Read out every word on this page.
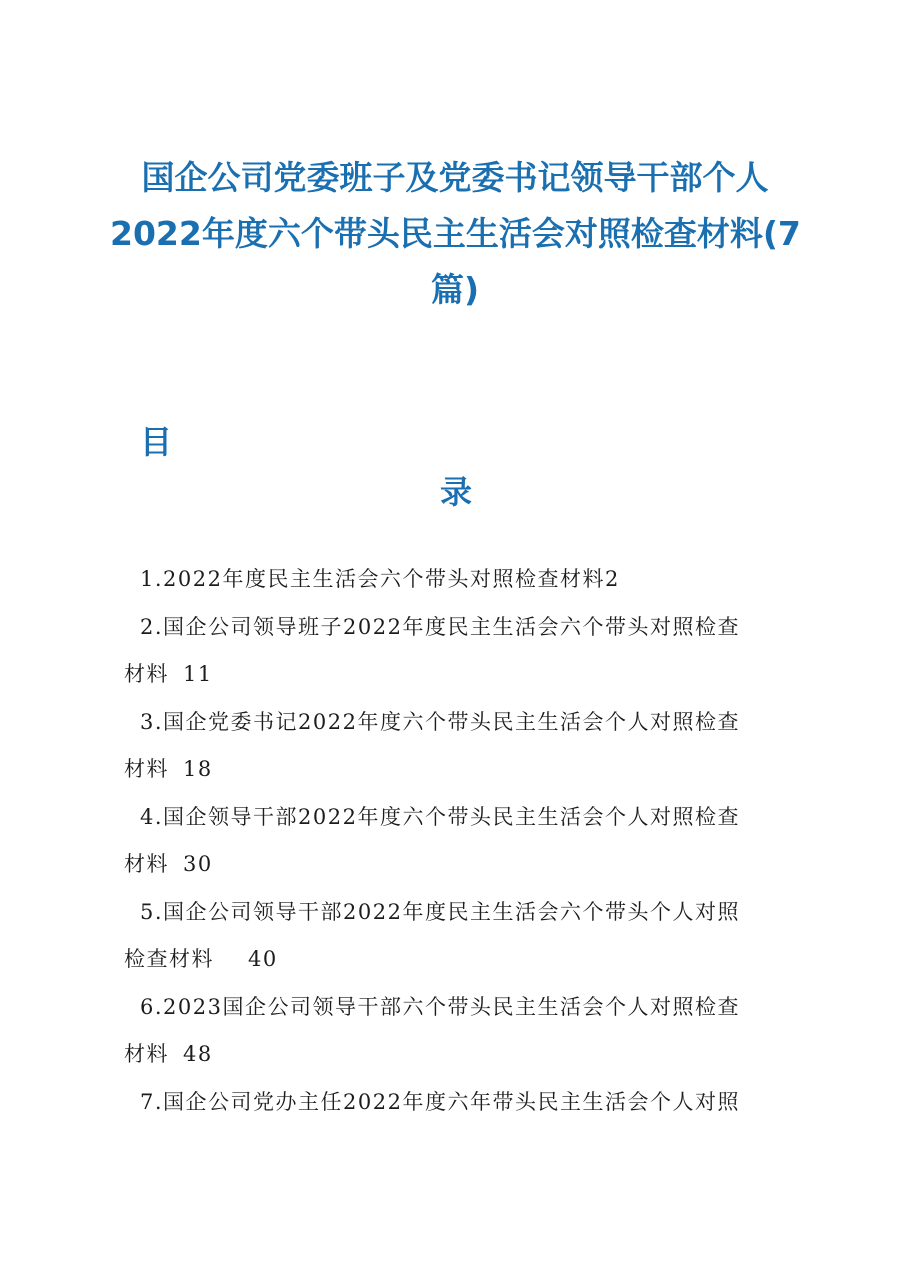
国企公司党委班子及党委书记领导干部个人
2022年度六个带头民主生活会对照检查材料(7
篇)
目
录
1.2022年度民主生活会六个带头对照检查材料2
2.国企公司领导班子2022年度民主生活会六个带头对照检查
材料 11
3.国企党委书记2022年度六个带头民主生活会个人对照检查
材料 18
4.国企领导干部2022年度六个带头民主生活会个人对照检查
材料 30
5.国企公司领导干部2022年度民主生活会六个带头个人对照
检查材料 40
6.2023国企公司领导干部六个带头民主生活会个人对照检查
材料 48
7.国企公司党办主任2022年度六年带头民主生活会个人对照
